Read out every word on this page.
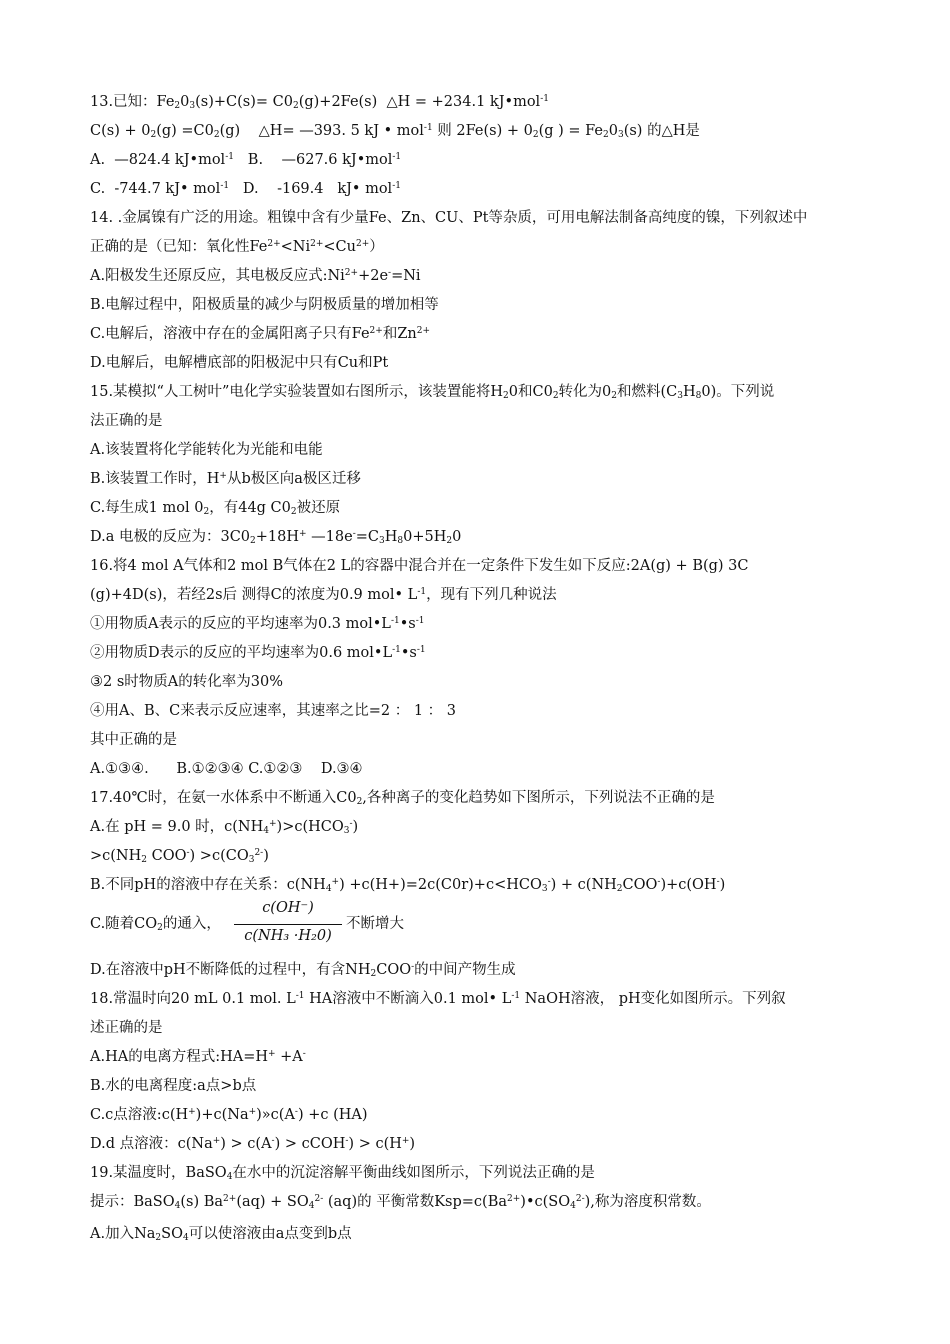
13.已知：$Fe_20_3(s)+C(s)= C0_2(g)+2Fe(s)$  △H = +234.1 kJ•mol$^{-1}$
$C(s) + 0_2(g) =C0_2(g)$    △H= —393. 5 kJ • mol$^{-1}$ 则 $2Fe(s) + 0_2(g$ ) = $Fe_20_3(s)$ 的△H是
A.  —824.4 kJ•mol$^{-1}$   B.    —627.6 kJ•mol$^{-1}$
C.  -744.7 kJ• mol$^{-1}$   D.    -169.4   kJ• mol$^{-1}$
14. .金属镍有广泛的用途。粗镍中含有少量Fe、Zn、CU、Pt等杂质，可用电解法制备高纯度的镍，下列叙述中
正确的是（已知：氧化性$Fe^{2+}<Ni^{2+}<Cu^{2+}$）
A.阳极发生还原反应，其电极反应式$:Ni^{2+}+2e^-=Ni$
B.电解过程中，阳极质量的减少与阴极质量的增加相等
C.电解后，溶液中存在的金属阳离子只有$Fe^{2+}$和$Zn^{2+}$
D.电解后，电解槽底部的阳极泥中只有Cu和Pt
15.某模拟“人工树叶”电化学实验装置如右图所示，该装置能将$H_20$和$C0_2$转化为$0_2$和燃料$(C_3H_80)$。下列说
法正确的是
A.该装置将化学能转化为光能和电能
B.该装置工作时，H+从b极区向a极区迁移
C.每生成1 mol $0_2$，有44g $C0_2$被还原
D.a 电极的反应为：$3C0_2+18H^+$ $—18e^-=C_3H_80+5H_20$
16.将4 mol A气体和2 mol B气体在2 L的容器中混合并在一定条件下发生如下反应:2A(g) + B(g) 3C
(g)+4D(s)，若经2s后 测得C的浓度为0.9 mol• $L^{-1}$，现有下列几种说法
①用物质A表示的反应的平均速率为0.3 $mol•L^{-1}•s^{-1}$
②用物质D表示的反应的平均速率为0.6 $mol•L^{-1}•s^{-1}$
③2 s时物质A的转化率为30%
④用A、B、C来表示反应速率，其速率之比=2 ： 1 ： 3
其中正确的是
A.①③④.      B.①②③④ C.①②③    D.③④
17.40℃时，在氨一水体系中不断通入$C0_2$,各种离子的变化趋势如下图所示，下列说法不正确的是
A.在 pH = 9.0 时，$c(NH_4^+)>c(HCO_3^-)$
$>c(NH_2$ $COO^-) >c(CO_3^{2-})$
B.不同pH的溶液中存在关系：$c(NH_4^+) +c(H+)=2c(C0r)+c<HCO_3^-) + c(NH_2COO^-)+c(OH^-)$
C.随着$CO_2$的通入，
D.在溶液中pH不断降低的过程中，有含$NH_2COO^-$的中间产物生成
18.常温时向20 mL 0.1 mol. $L^{-1}$ HA溶液中不断滴入0.1 mol• $L^{-1}$ NaOH溶液， pH变化如图所示。下列叙
述正确的是
A.HA的电离方程式:HA=H+ +A-
B.水的电离程度:a点>b点
C.c点溶液:c(H+)+c(Na+)»c(A-) +c (HA)
D.d 点溶液：c(Na+) > c(A-) > cCOH-) > c(H+)
19.某温度时，BaSO$_4$在水中的沉淀溶解平衡曲线如图所示，下列说法正确的是
提示：BaSO$_4$(s) $Ba^{2+}(aq) + SO_4^{2-}$ (aq)的 平衡常数$Ksp=c(Ba^{2+})•c(SO_4^{2-})$,称为溶度积常数。
A.加入$Na_2SO_4$可以使溶液由a点变到b点
c(OH⁻)
c(NH₃ ·H₂0)
不断增大
